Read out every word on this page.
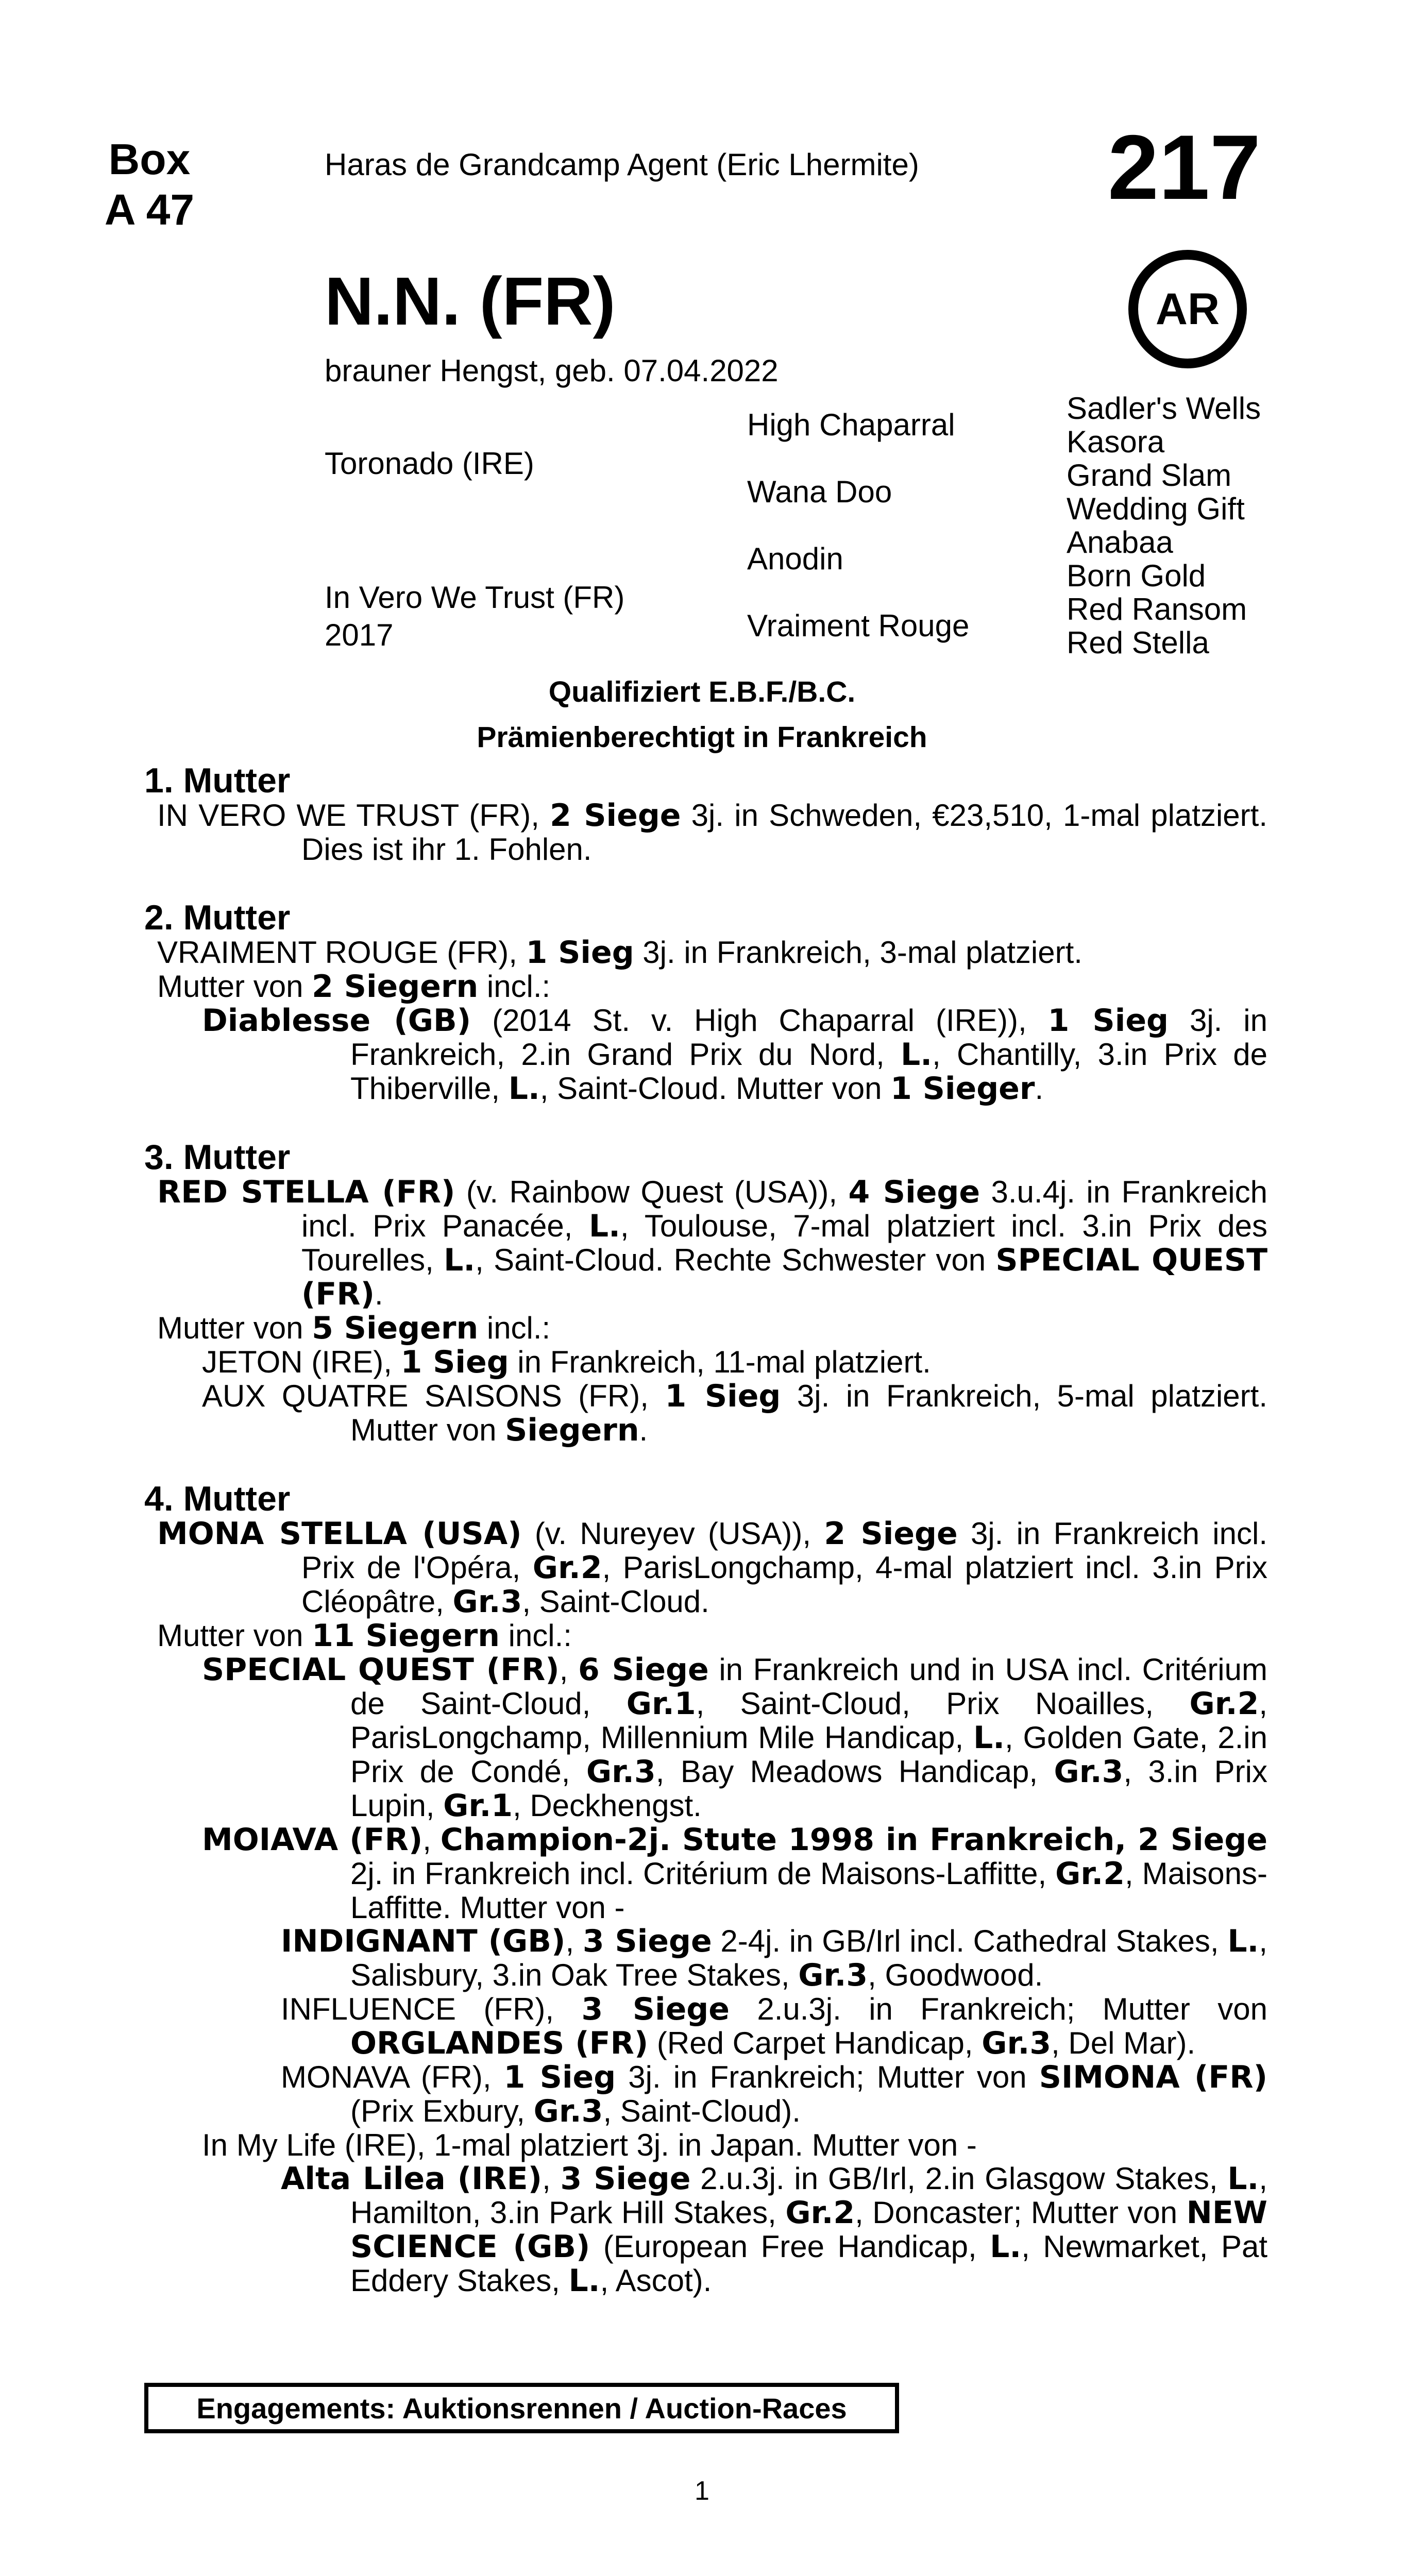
Box
A 47
Haras de Grandcamp Agent (Eric Lhermite) 217
AR
N.N. (FR)
brauner Hengst, geb. 07.04.2022
Toronado (IRE)
In Vero We Trust (FR)
2017
High Chaparral
Wana Doo
Anodin
Vraiment Rouge
Sadler's Wells
Kasora
Grand Slam
Wedding Gift
Anabaa
Born Gold
Red Ransom
Red Stella
Qualifiziert E.B.F./B.C.
Prämienberechtigt in Frankreich

1. Mutter

IN VERO WE TRUST (FR), 2 Siege 3j. in Schweden, €23,510, 1-mal platziert. Dies ist ihr 1. Fohlen.

2. Mutter

VRAIMENT ROUGE (FR), 1 Sieg 3j. in Frankreich, 3-mal platziert.

Mutter von 2 Siegern incl.:

Diablesse (GB) (2014 St. v. High Chaparral (IRE)), 1 Sieg 3j. in Frankreich, 2.in Grand Prix du Nord, L., Chantilly, 3.in Prix de Thiberville, L., Saint-Cloud. Mutter von 1 Sieger.

3. Mutter

RED STELLA (FR) (v. Rainbow Quest (USA)), 4 Siege 3.u.4j. in Frankreich incl. Prix Panacée, L., Toulouse, 7-mal platziert incl. 3.in Prix des Tourelles, L., Saint-Cloud. Rechte Schwester von SPECIAL QUEST (FR).

Mutter von 5 Siegern incl.:

JETON (IRE), 1 Sieg in Frankreich, 11-mal platziert.

AUX QUATRE SAISONS (FR), 1 Sieg 3j. in Frankreich, 5-mal platziert. Mutter von Siegern.

4. Mutter

MONA STELLA (USA) (v. Nureyev (USA)), 2 Siege 3j. in Frankreich incl. Prix de l'Opéra, Gr.2, ParisLongchamp, 4-mal platziert incl. 3.in Prix Cléopâtre, Gr.3, Saint-Cloud.

Mutter von 11 Siegern incl.:

SPECIAL QUEST (FR), 6 Siege in Frankreich und in USA incl. Critérium de Saint-Cloud, Gr.1, Saint-Cloud, Prix Noailles, Gr.2, ParisLongchamp, Millennium Mile Handicap, L., Golden Gate, 2.in Prix de Condé, Gr.3, Bay Meadows Handicap, Gr.3, 3.in Prix Lupin, Gr.1, Deckhengst.

MOIAVA (FR), Champion-2j. Stute 1998 in Frankreich, 2 Siege 2j. in Frankreich incl. Critérium de Maisons-Laffitte, Gr.2, Maisons-Laffitte. Mutter von -

INDIGNANT (GB), 3 Siege 2-4j. in GB/Irl incl. Cathedral Stakes, L., Salisbury, 3.in Oak Tree Stakes, Gr.3, Goodwood.

INFLUENCE (FR), 3 Siege 2.u.3j. in Frankreich; Mutter von ORGLANDES (FR) (Red Carpet Handicap, Gr.3, Del Mar).

MONAVA (FR), 1 Sieg 3j. in Frankreich; Mutter von SIMONA (FR) (Prix Exbury, Gr.3, Saint-Cloud).

In My Life (IRE), 1-mal platziert 3j. in Japan. Mutter von -

Alta Lilea (IRE), 3 Siege 2.u.3j. in GB/Irl, 2.in Glasgow Stakes, L., Hamilton, 3.in Park Hill Stakes, Gr.2, Doncaster; Mutter von NEW SCIENCE (GB) (European Free Handicap, L., Newmarket, Pat Eddery Stakes, L., Ascot).

Engagements: Auktionsrennen / Auction-Races
1
